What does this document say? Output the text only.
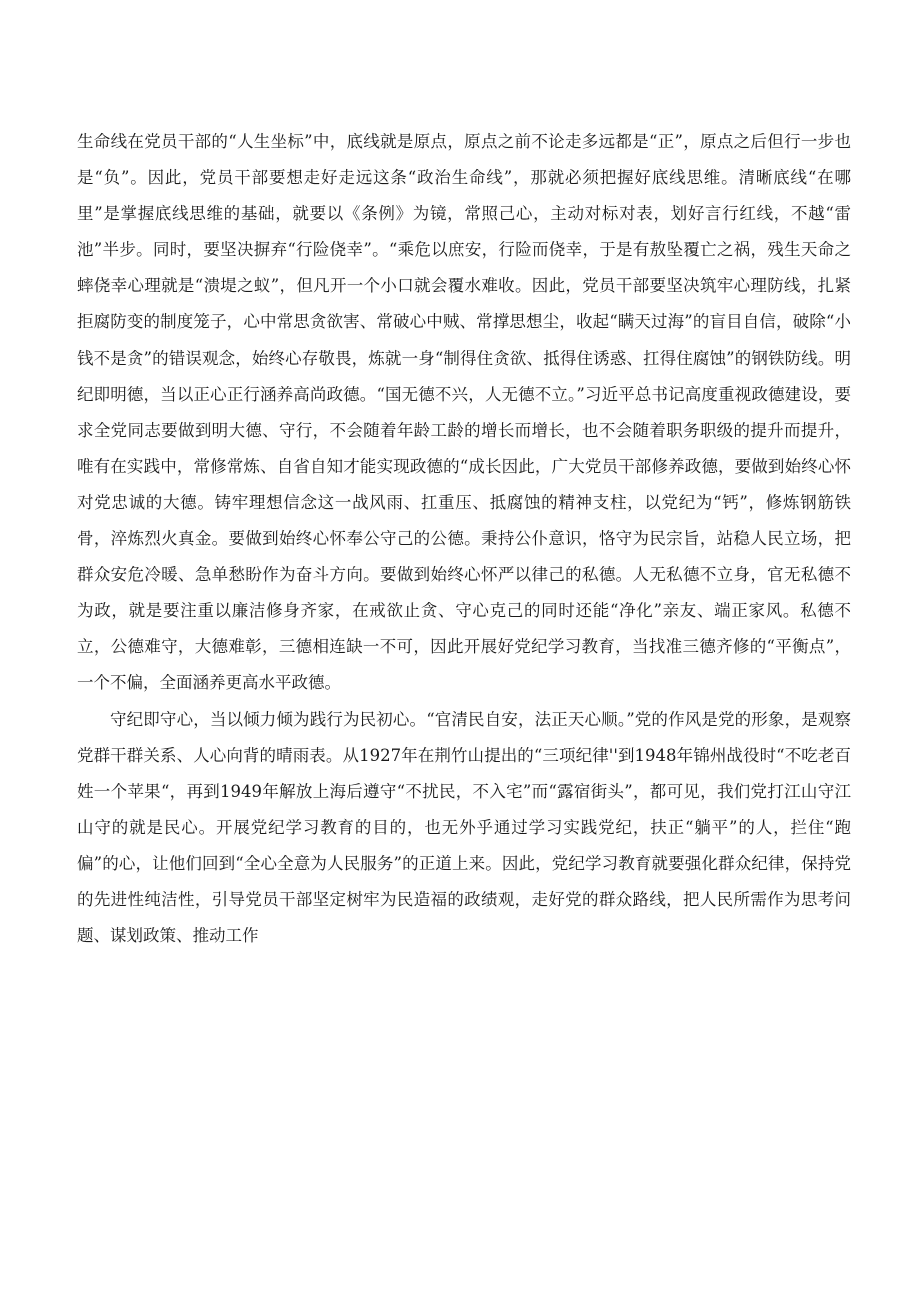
生命线在党员干部的“人生坐标”中，底线就是原点，原点之前不论走多远都是“正”，原点之后但行一步也是“负”。因此，党员干部要想走好走远这条“政治生命线”，那就必须把握好底线思维。清晰底线“在哪里”是掌握底线思维的基础，就要以《条例》为镜，常照己心，主动对标对表，划好言行红线，不越“雷池”半步。同时，要坚决摒弃“行险侥幸”。“乘危以庶安，行险而侥幸，于是有敖坠覆亡之祸，残生天命之蟀侥幸心理就是“溃堤之蚁”，但凡开一个小口就会覆水难收。因此，党员干部要坚决筑牢心理防线，扎紧拒腐防变的制度笼子，心中常思贪欲害、常破心中贼、常撑思想尘，收起“瞒天过海”的盲目自信，破除“小钱不是贪”的错误观念，始终心存敬畏，炼就一身“制得住贪欲、抵得住诱惑、扛得住腐蚀”的钢铁防线。明纪即明德，当以正心正行涵养高尚政德。“国无德不兴，人无德不立。”习近平总书记高度重视政德建设，要求全党同志要做到明大德、守行，不会随着年龄工龄的增长而增长，也不会随着职务职级的提升而提升，唯有在实践中，常修常炼、自省自知才能实现政德的“成长因此，广大党员干部修养政德，要做到始终心怀对党忠诚的大德。铸牢理想信念这一战风雨、扛重压、抵腐蚀的精神支柱，以党纪为“钙”，修炼钢筋铁骨，淬炼烈火真金。要做到始终心怀奉公守己的公德。秉持公仆意识，恪守为民宗旨，站稳人民立场，把群众安危冷暖、急单愁盼作为奋斗方向。要做到始终心怀严以律己的私德。人无私德不立身，官无私德不为政，就是要注重以廉洁修身齐家，在戒欲止贪、守心克己的同时还能“净化”亲友、端正家风。私德不立，公德难守，大德难彰，三德相连缺一不可，因此开展好党纪学习教育，当找准三德齐修的“平衡点”，一个不偏，全面涵养更高水平政德。

守纪即守心，当以倾力倾为践行为民初心。“官清民自安，法正天心顺。”党的作风是党的形象，是观察党群干群关系、人心向背的晴雨表。从1927年在荆竹山提出的“三项纪律''到1948年锦州战役时“不吃老百姓一个苹果“，再到1949年解放上海后遵守“不扰民，不入宅”而“露宿街头”，都可见，我们党打江山守江山守的就是民心。开展党纪学习教育的目的，也无外乎通过学习实践党纪，扶正“躺平”的人，拦住“跑偏”的心，让他们回到“全心全意为人民服务”的正道上来。因此，党纪学习教育就要强化群众纪律，保持党的先进性纯洁性，引导党员干部坚定树牢为民造福的政绩观，走好党的群众路线，把人民所需作为思考问题、谋划政策、推动工作
